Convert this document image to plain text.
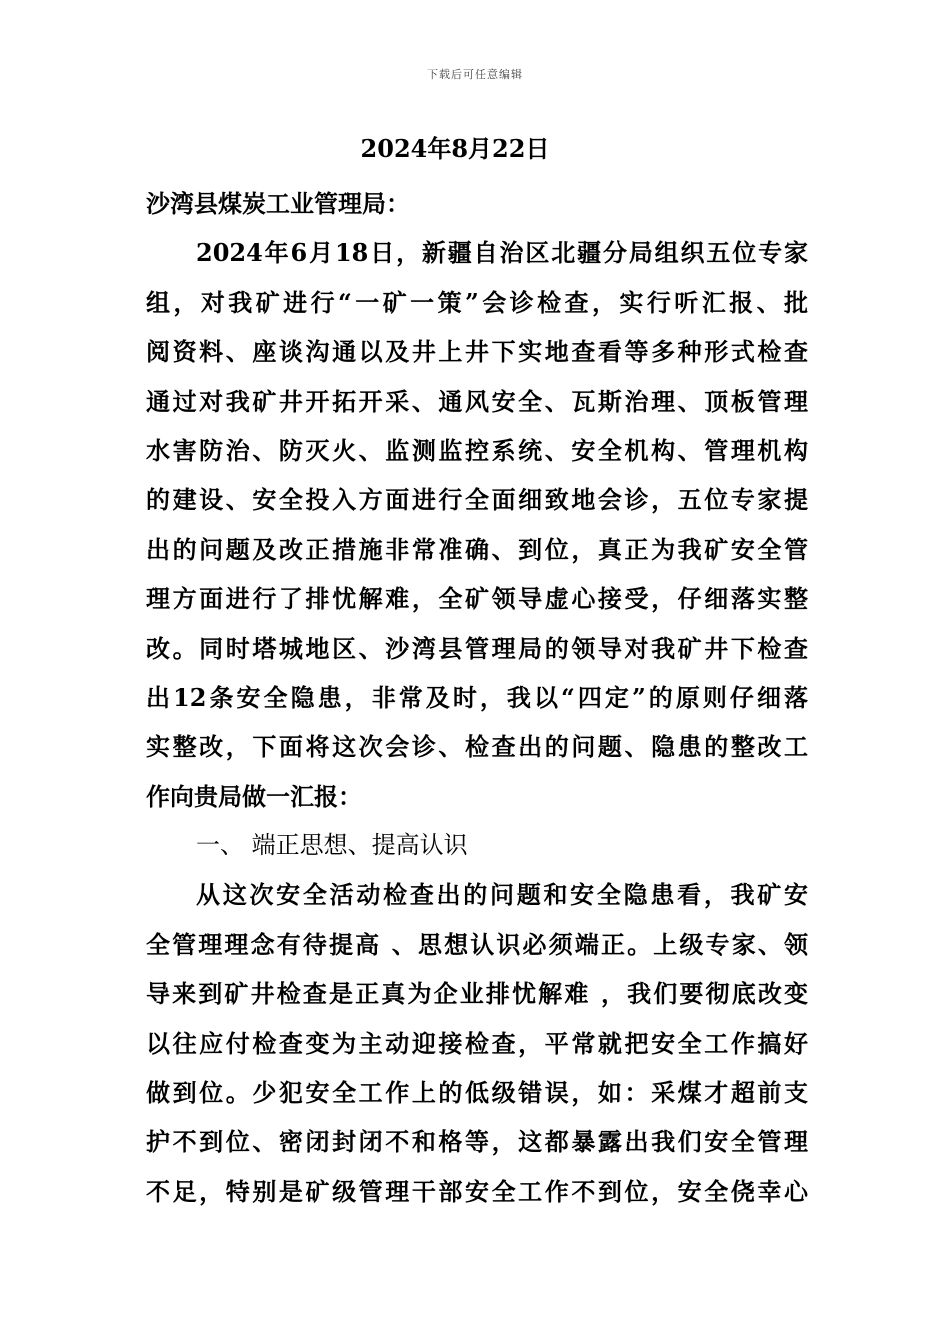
下载后可任意编辑
2024年8月22日
沙湾县煤炭工业管理局：
2024年6月18日，新疆自治区北疆分局组织五位专家
组，对我矿进行“一矿一策”会诊检查，实行听汇报、批
阅资料、座谈沟通以及井上井下实地查看等多种形式检查
通过对我矿井开拓开采、通风安全、瓦斯治理、顶板管理
水害防治、防灭火、监测监控系统、安全机构、管理机构
的建设、安全投入方面进行全面细致地会诊，五位专家提
出的问题及改正措施非常准确、到位，真正为我矿安全管
理方面进行了排忧解难，全矿领导虚心接受，仔细落实整
改。同时塔城地区、沙湾县管理局的领导对我矿井下检查
出12条安全隐患，非常及时，我以“四定”的原则仔细落
实整改，下面将这次会诊、检查出的问题、隐患的整改工
作向贵局做一汇报：
一、 端正思想、提高认识
从这次安全活动检查出的问题和安全隐患看，我矿安
全管理理念有待提高 、思想认识必须端正。上级专家、领
导来到矿井检查是正真为企业排忧解难 ，我们要彻底改变
以往应付检查变为主动迎接检查，平常就把安全工作搞好
做到位。少犯安全工作上的低级错误，如：采煤才超前支
护不到位、密闭封闭不和格等，这都暴露出我们安全管理
不足，特别是矿级管理干部安全工作不到位，安全侥幸心
